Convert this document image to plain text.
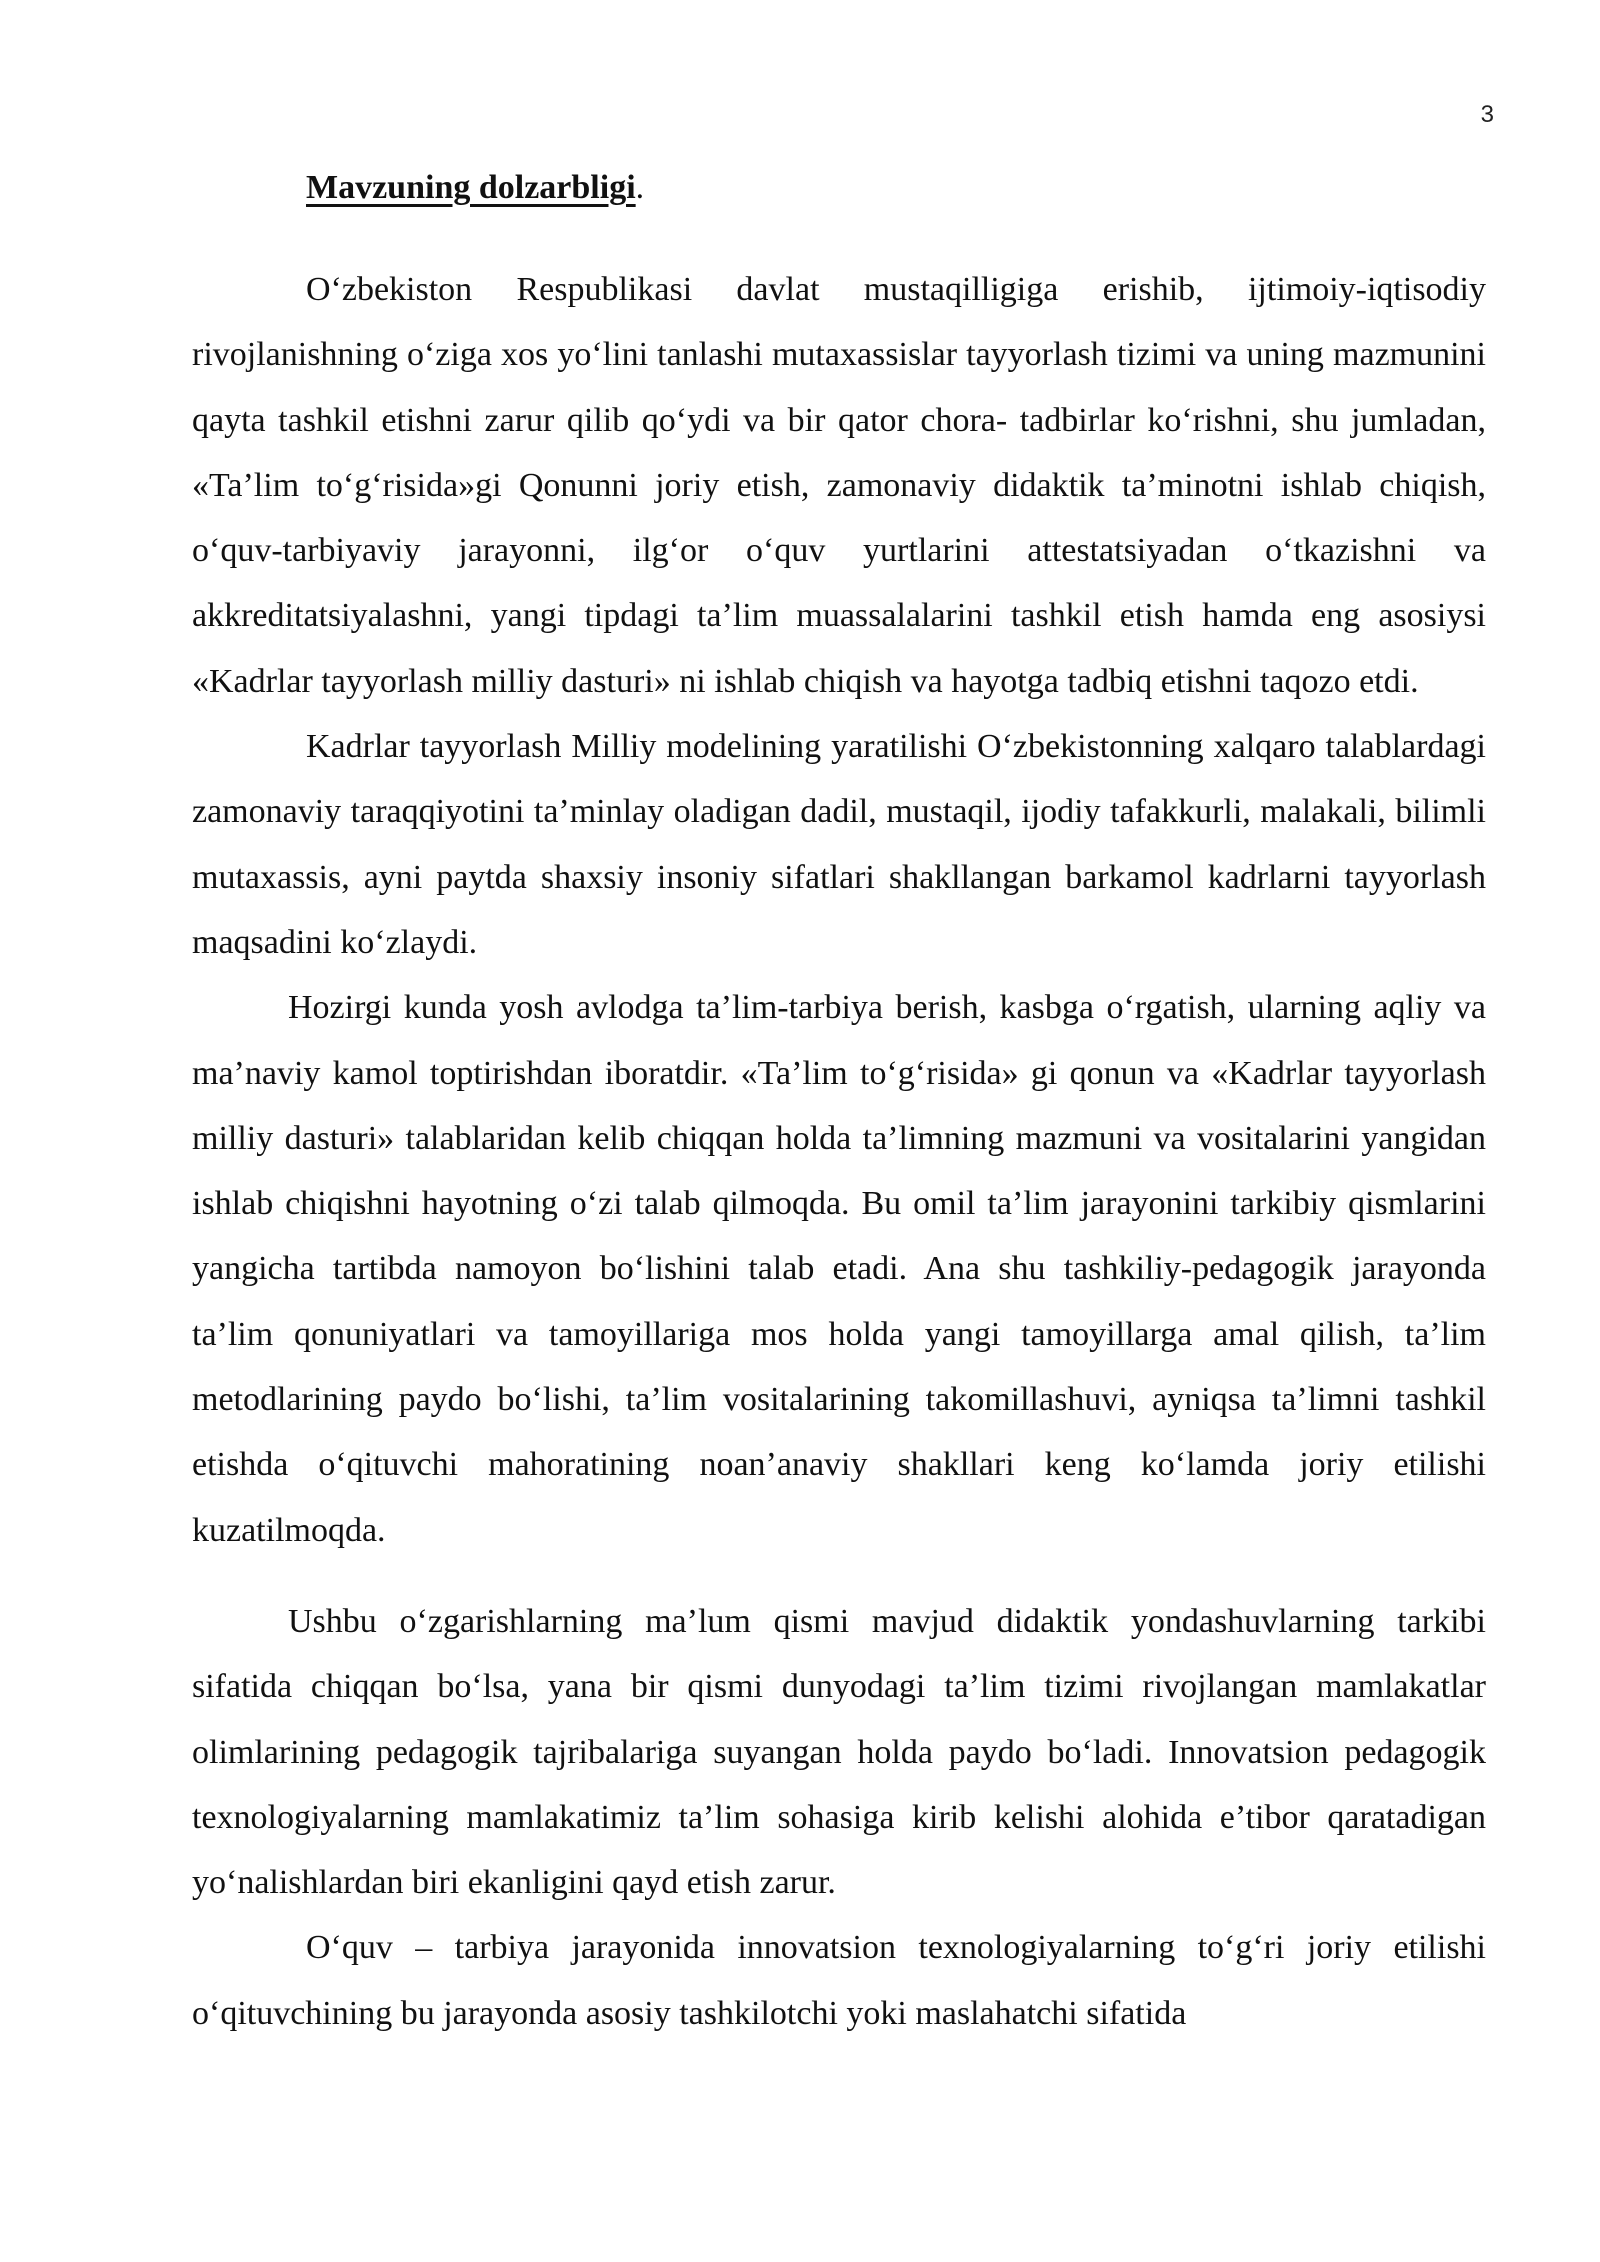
3
Mavzuning dolzarbligi.

O‘zbekiston Respublikasi davlat mustaqilligiga erishib, ijtimoiy-iqtisodiy rivojlanishning o‘ziga xos yo‘lini tanlashi mutaxassislar tayyorlash tizimi va uning mazmunini qayta tashkil etishni zarur qilib qo‘ydi va bir qator chora- tadbirlar ko‘rishni, shu jumladan, «Ta’lim to‘g‘risida»gi Qonunni joriy etish, zamonaviy didaktik ta’minotni ishlab chiqish, o‘quv-tarbiyaviy jarayonni, ilg‘or o‘quv yurtlarini attestatsiyadan o‘tkazishni va akkreditatsiyalashni, yangi tipdagi ta’lim muassalalarini tashkil etish hamda eng asosiysi «Kadrlar tayyorlash milliy dasturi» ni ishlab chiqish va hayotga tadbiq etishni taqozo etdi.

Kadrlar tayyorlash Milliy modelining yaratilishi O‘zbekistonning xalqaro talablardagi zamonaviy taraqqiyotini ta’minlay oladigan dadil, mustaqil, ijodiy tafakkurli, malakali, bilimli mutaxassis, ayni paytda shaxsiy insoniy sifatlari shakllangan barkamol kadrlarni tayyorlash maqsadini ko‘zlaydi.

Hozirgi kunda yosh avlodga ta’lim-tarbiya berish, kasbga o‘rgatish, ularning aqliy va ma’naviy kamol toptirishdan iboratdir. «Ta’lim to‘g‘risida» gi qonun va «Kadrlar tayyorlash milliy dasturi» talablaridan kelib chiqqan holda ta’limning mazmuni va vositalarini yangidan ishlab chiqishni hayotning o‘zi talab qilmoqda. Bu omil ta’lim jarayonini tarkibiy qismlarini yangicha tartibda namoyon bo‘lishini talab etadi. Ana shu tashkiliy-pedagogik jarayonda ta’lim qonuniyatlari va tamoyillariga mos holda yangi tamoyillarga amal qilish, ta’lim metodlarining paydo bo‘lishi, ta’lim vositalarining takomillashuvi, ayniqsa ta’limni tashkil etishda o‘qituvchi mahoratining noan’anaviy shakllari keng ko‘lamda joriy etilishi kuzatilmoqda.

Ushbu o‘zgarishlarning ma’lum qismi mavjud didaktik yondashuvlarning tarkibi sifatida chiqqan bo‘lsa, yana bir qismi dunyodagi ta’lim tizimi rivojlangan mamlakatlar olimlarining pedagogik tajribalariga suyangan holda paydo bo‘ladi. Innovatsion pedagogik texnologiyalarning mamlakatimiz ta’lim sohasiga kirib kelishi alohida e’tibor qaratadigan yo‘nalishlardan biri ekanligini qayd etish zarur.

O‘quv – tarbiya jarayonida innovatsion texnologiyalarning to‘g‘ri joriy etilishi o‘qituvchining bu jarayonda asosiy tashkilotchi yoki maslahatchi sifatida
